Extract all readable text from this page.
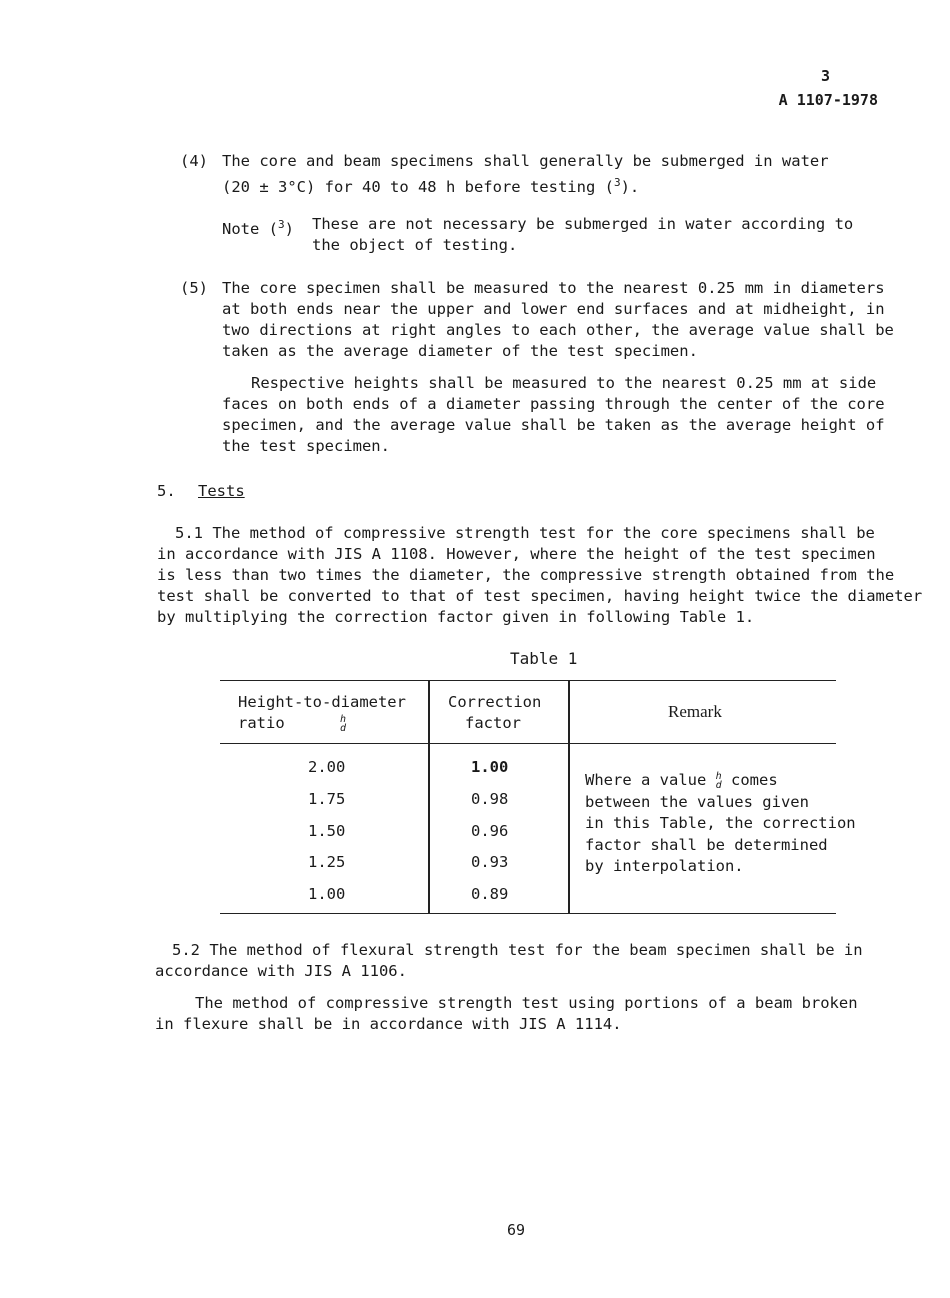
3
A 1107-1978
(4) The core and beam specimens shall generally be submerged in water
(20 ± 3°C) for 40 to 48 h before testing ($^3$).
Note ($^3$) These are not necessary be submerged in water according to
the object of testing.
(5) The core specimen shall be measured to the nearest 0.25 mm in diameters
at both ends near the upper and lower end surfaces and at midheight, in
two directions at right angles to each other, the average value shall be
taken as the average diameter of the test specimen.
Respective heights shall be measured to the nearest 0.25 mm at side
faces on both ends of a diameter passing through the center of the core
specimen, and the average value shall be taken as the average height of
the test specimen.
5. Tests
5.1 The method of compressive strength test for the core specimens shall be
in accordance with JIS A 1108. However, where the height of the test specimen
is less than two times the diameter, the compressive strength obtained from the
test shall be converted to that of test specimen, having height twice the diameter
by multiplying the correction factor given in following Table 1.
Table 1
Height-to-diameter
ratio	h
d
Correction
factor
Remark
2.00
1.75
1.50
1.25
1.00
1.00
0.98
0.96
0.93
0.89
Where a value h
d comes
between the values given
in this Table, the correction
factor shall be determined
by interpolation.
5.2 The method of flexural strength test for the beam specimen shall be in
accordance with JIS A 1106.
The method of compressive strength test using portions of a beam broken
in flexure shall be in accordance with JIS A 1114.
69
